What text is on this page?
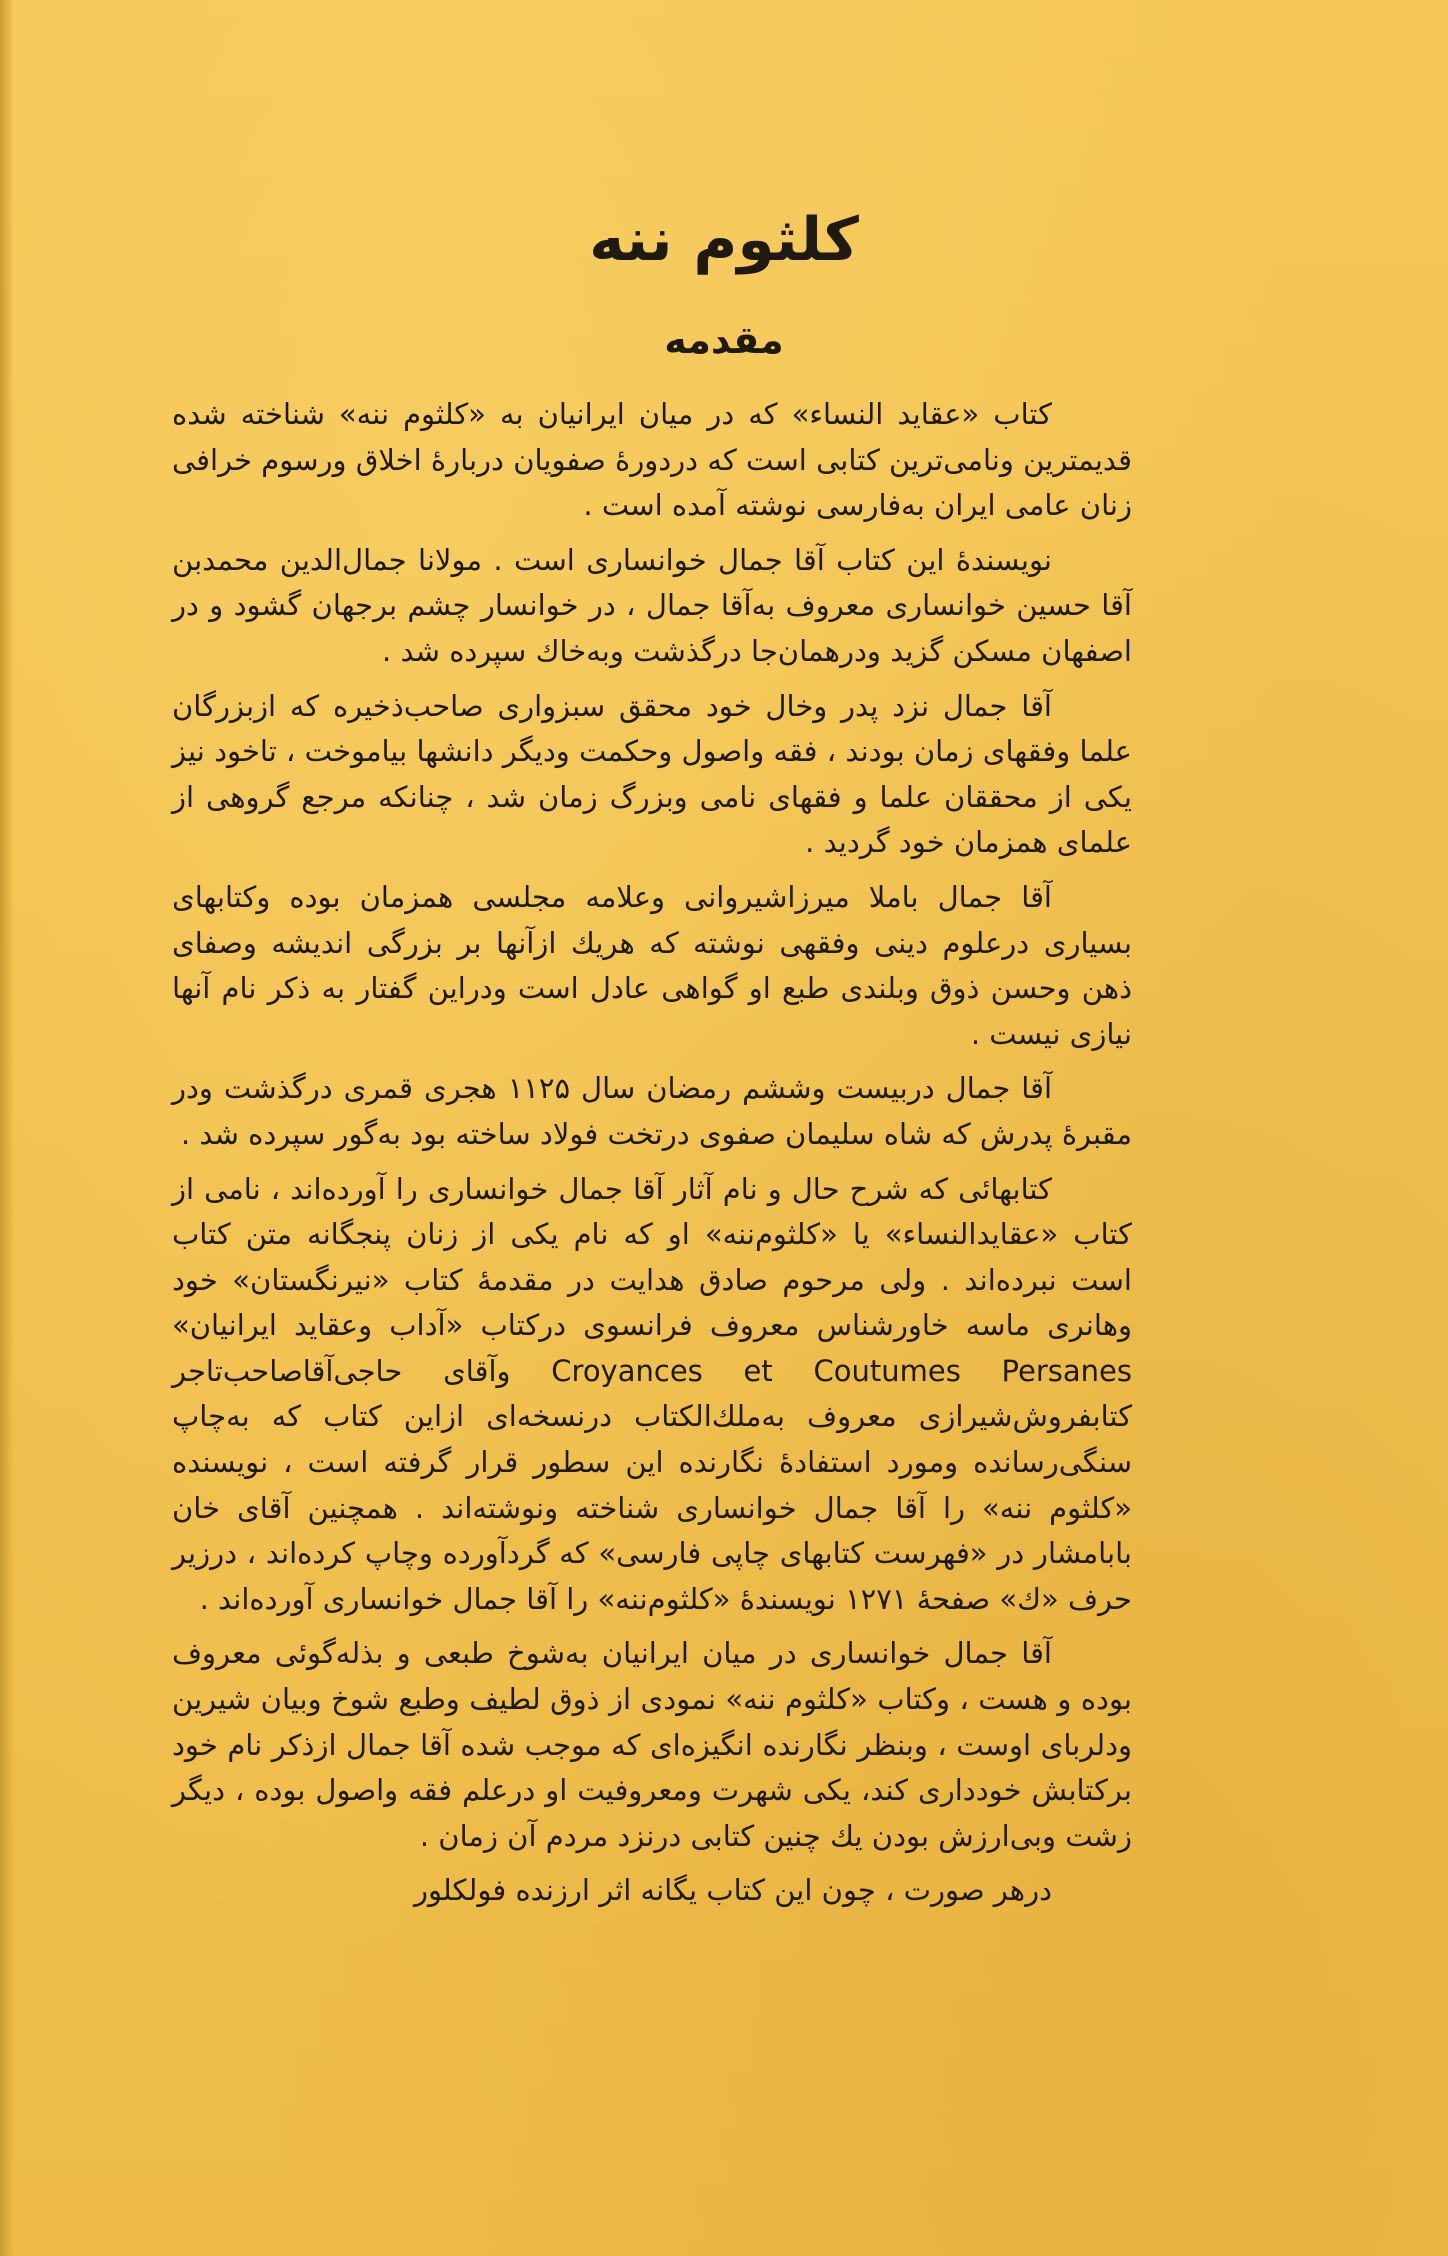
کلثوم ننه
مقدمه

کتاب «عقاید النساء» که در میان ایرانیان به «کلثوم ننه» شناخته شده قدیمترین ونامی‌ترین کتابی است که دردورهٔ صفویان دربارهٔ اخلاق ورسوم خرافی زنان عامی ایران به‌فارسی نوشته آمده است .

نویسندهٔ این کتاب آقا جمال خوانساری است . مولانا جمال‌الدین محمدبن آقا حسین خوانساری معروف به‌آقا جمال ، در خوانسار چشم برجهان گشود و در اصفهان مسکن گزید ودرهمان‌جا درگذشت وبه‌خاك سپرده شد .

آقا جمال نزد پدر وخال خود محقق سبزواری صاحب‌ذخیره که ازبزرگان علما وفقهای زمان بودند ، فقه واصول وحکمت ودیگر دانشها بیاموخت ، تاخود نیز یکی از محققان علما و فقهای نامی وبزرگ زمان شد ، چنانکه مرجع گروهی از علمای همزمان خود گردید .

آقا جمال باملا میرزاشیروانی وعلامه مجلسی همزمان بوده وکتابهای بسیاری درعلوم دینی وفقهی نوشته که هریك ازآنها بر بزرگی اندیشه وصفای ذهن وحسن ذوق وبلندی طبع او گواهی عادل است ودراین گفتار به ذکر نام آنها نیازی نیست .

آقا جمال دربیست وششم رمضان سال ۱۱۲۵ هجری قمری درگذشت ودر مقبرهٔ پدرش که شاه سلیمان صفوی درتخت فولاد ساخته بود به‌گور سپرده شد .

کتابهائی که شرح حال و نام آثار آقا جمال خوانساری را آورده‌اند ، نامی از کتاب «عقایدالنساء» یا «کلثوم‌ننه» او که نام یکی از زنان پنجگانه متن کتاب است نبرده‌اند . ولی مرحوم صادق هدایت در مقدمهٔ کتاب «نیرنگستان» خود وهانری ماسه خاورشناس معروف فرانسوی درکتاب «آداب وعقاید ایرانیان» Croyances et Coutumes Persanes وآقای حاجی‌آقاصاحب‌تاجر کتابفروش‌شیرازی معروف به‌ملك‌الکتاب درنسخه‌ای ازاین کتاب که به‌چاپ سنگی‌رسانده ومورد استفادهٔ نگارنده این سطور قرار گرفته است ، نویسنده «کلثوم ننه» را آقا جمال خوانساری شناخته ونوشته‌اند . همچنین آقای خان بابامشار در «فهرست کتابهای چاپی فارسی» که گردآورده وچاپ کرده‌اند ، درزیر حرف «ك» صفحهٔ ۱۲۷۱ نویسندهٔ «کلثوم‌ننه» را آقا جمال خوانساری آورده‌اند .

آقا جمال خوانساری در میان ایرانیان به‌شوخ طبعی و بذله‌گوئی معروف بوده و هست ، وکتاب «کلثوم ننه» نمودی از ذوق لطیف وطبع شوخ وبیان شیرین ودلربای اوست ، وبنظر نگارنده انگیزه‌ای که موجب شده آقا جمال ازذکر نام خود برکتابش خودداری کند، یکی شهرت ومعروفیت او درعلم فقه واصول بوده ، دیگر زشت وبی‌ارزش بودن یك چنین کتابی درنزد مردم آن زمان .

درهر صورت ، چون این کتاب یگانه اثر ارزنده فولکلور
